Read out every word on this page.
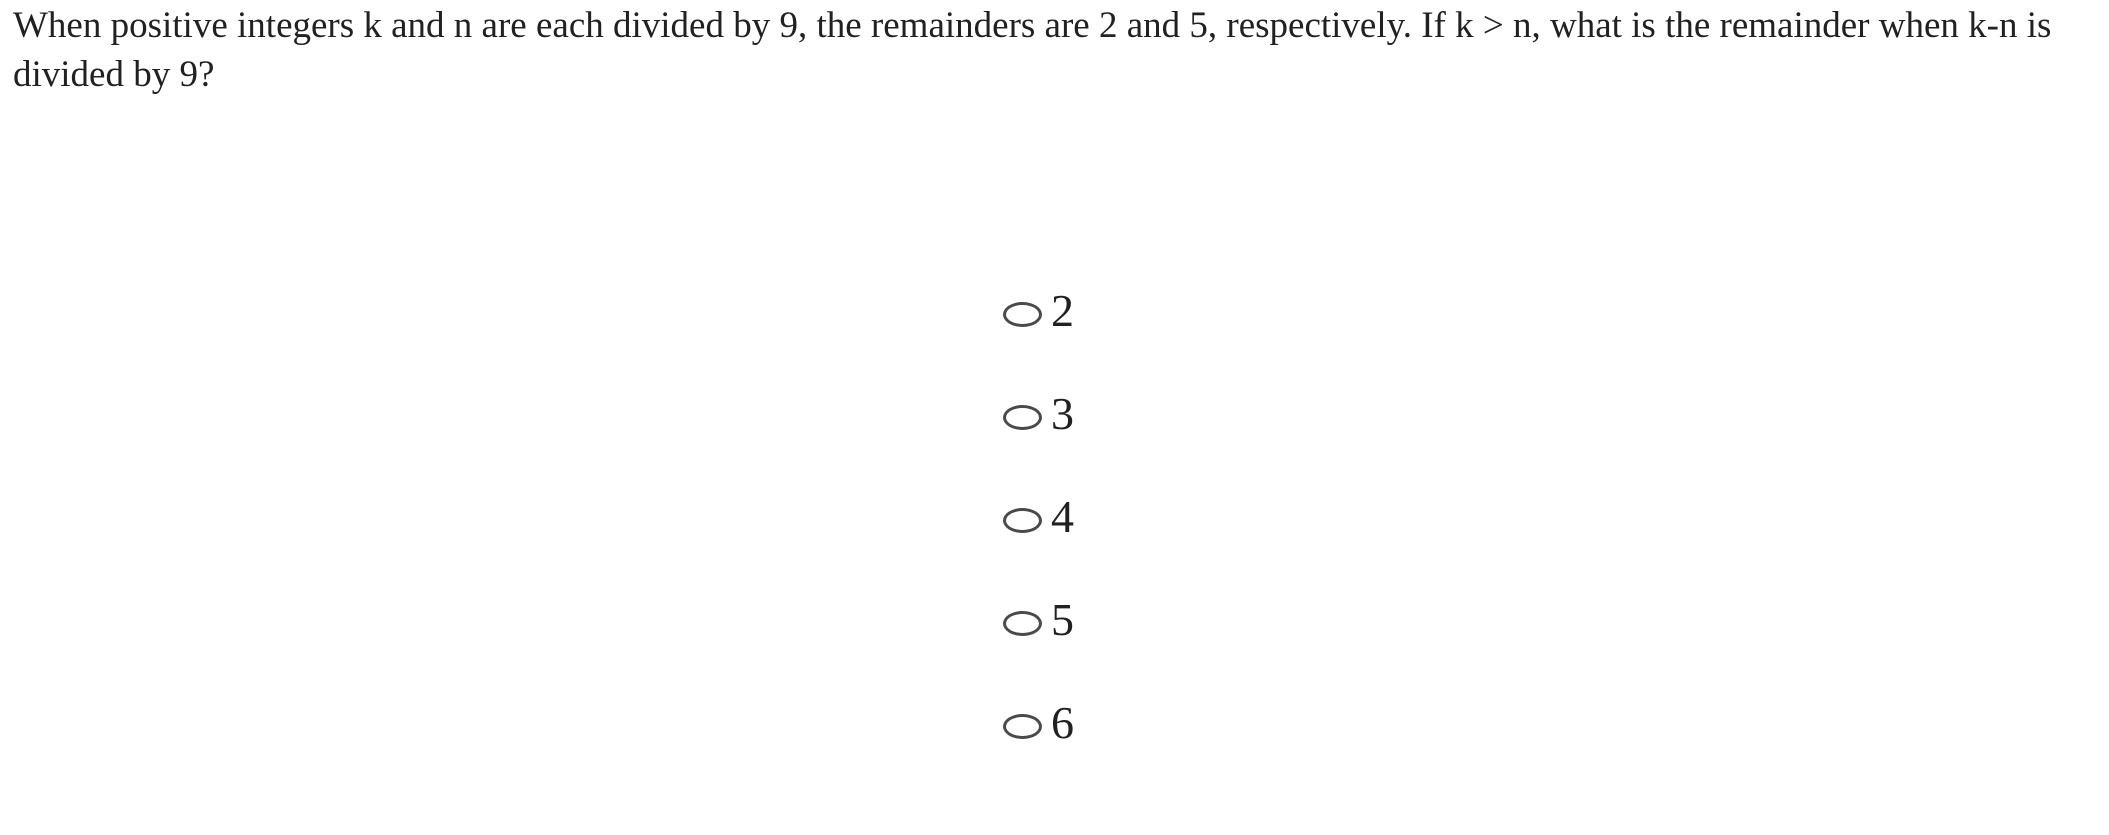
When positive integers k and n are each divided by 9, the remainders are 2 and 5, respectively. If k > n, what is the remainder when k-n is divided by 9?
2
3
4
5
6
